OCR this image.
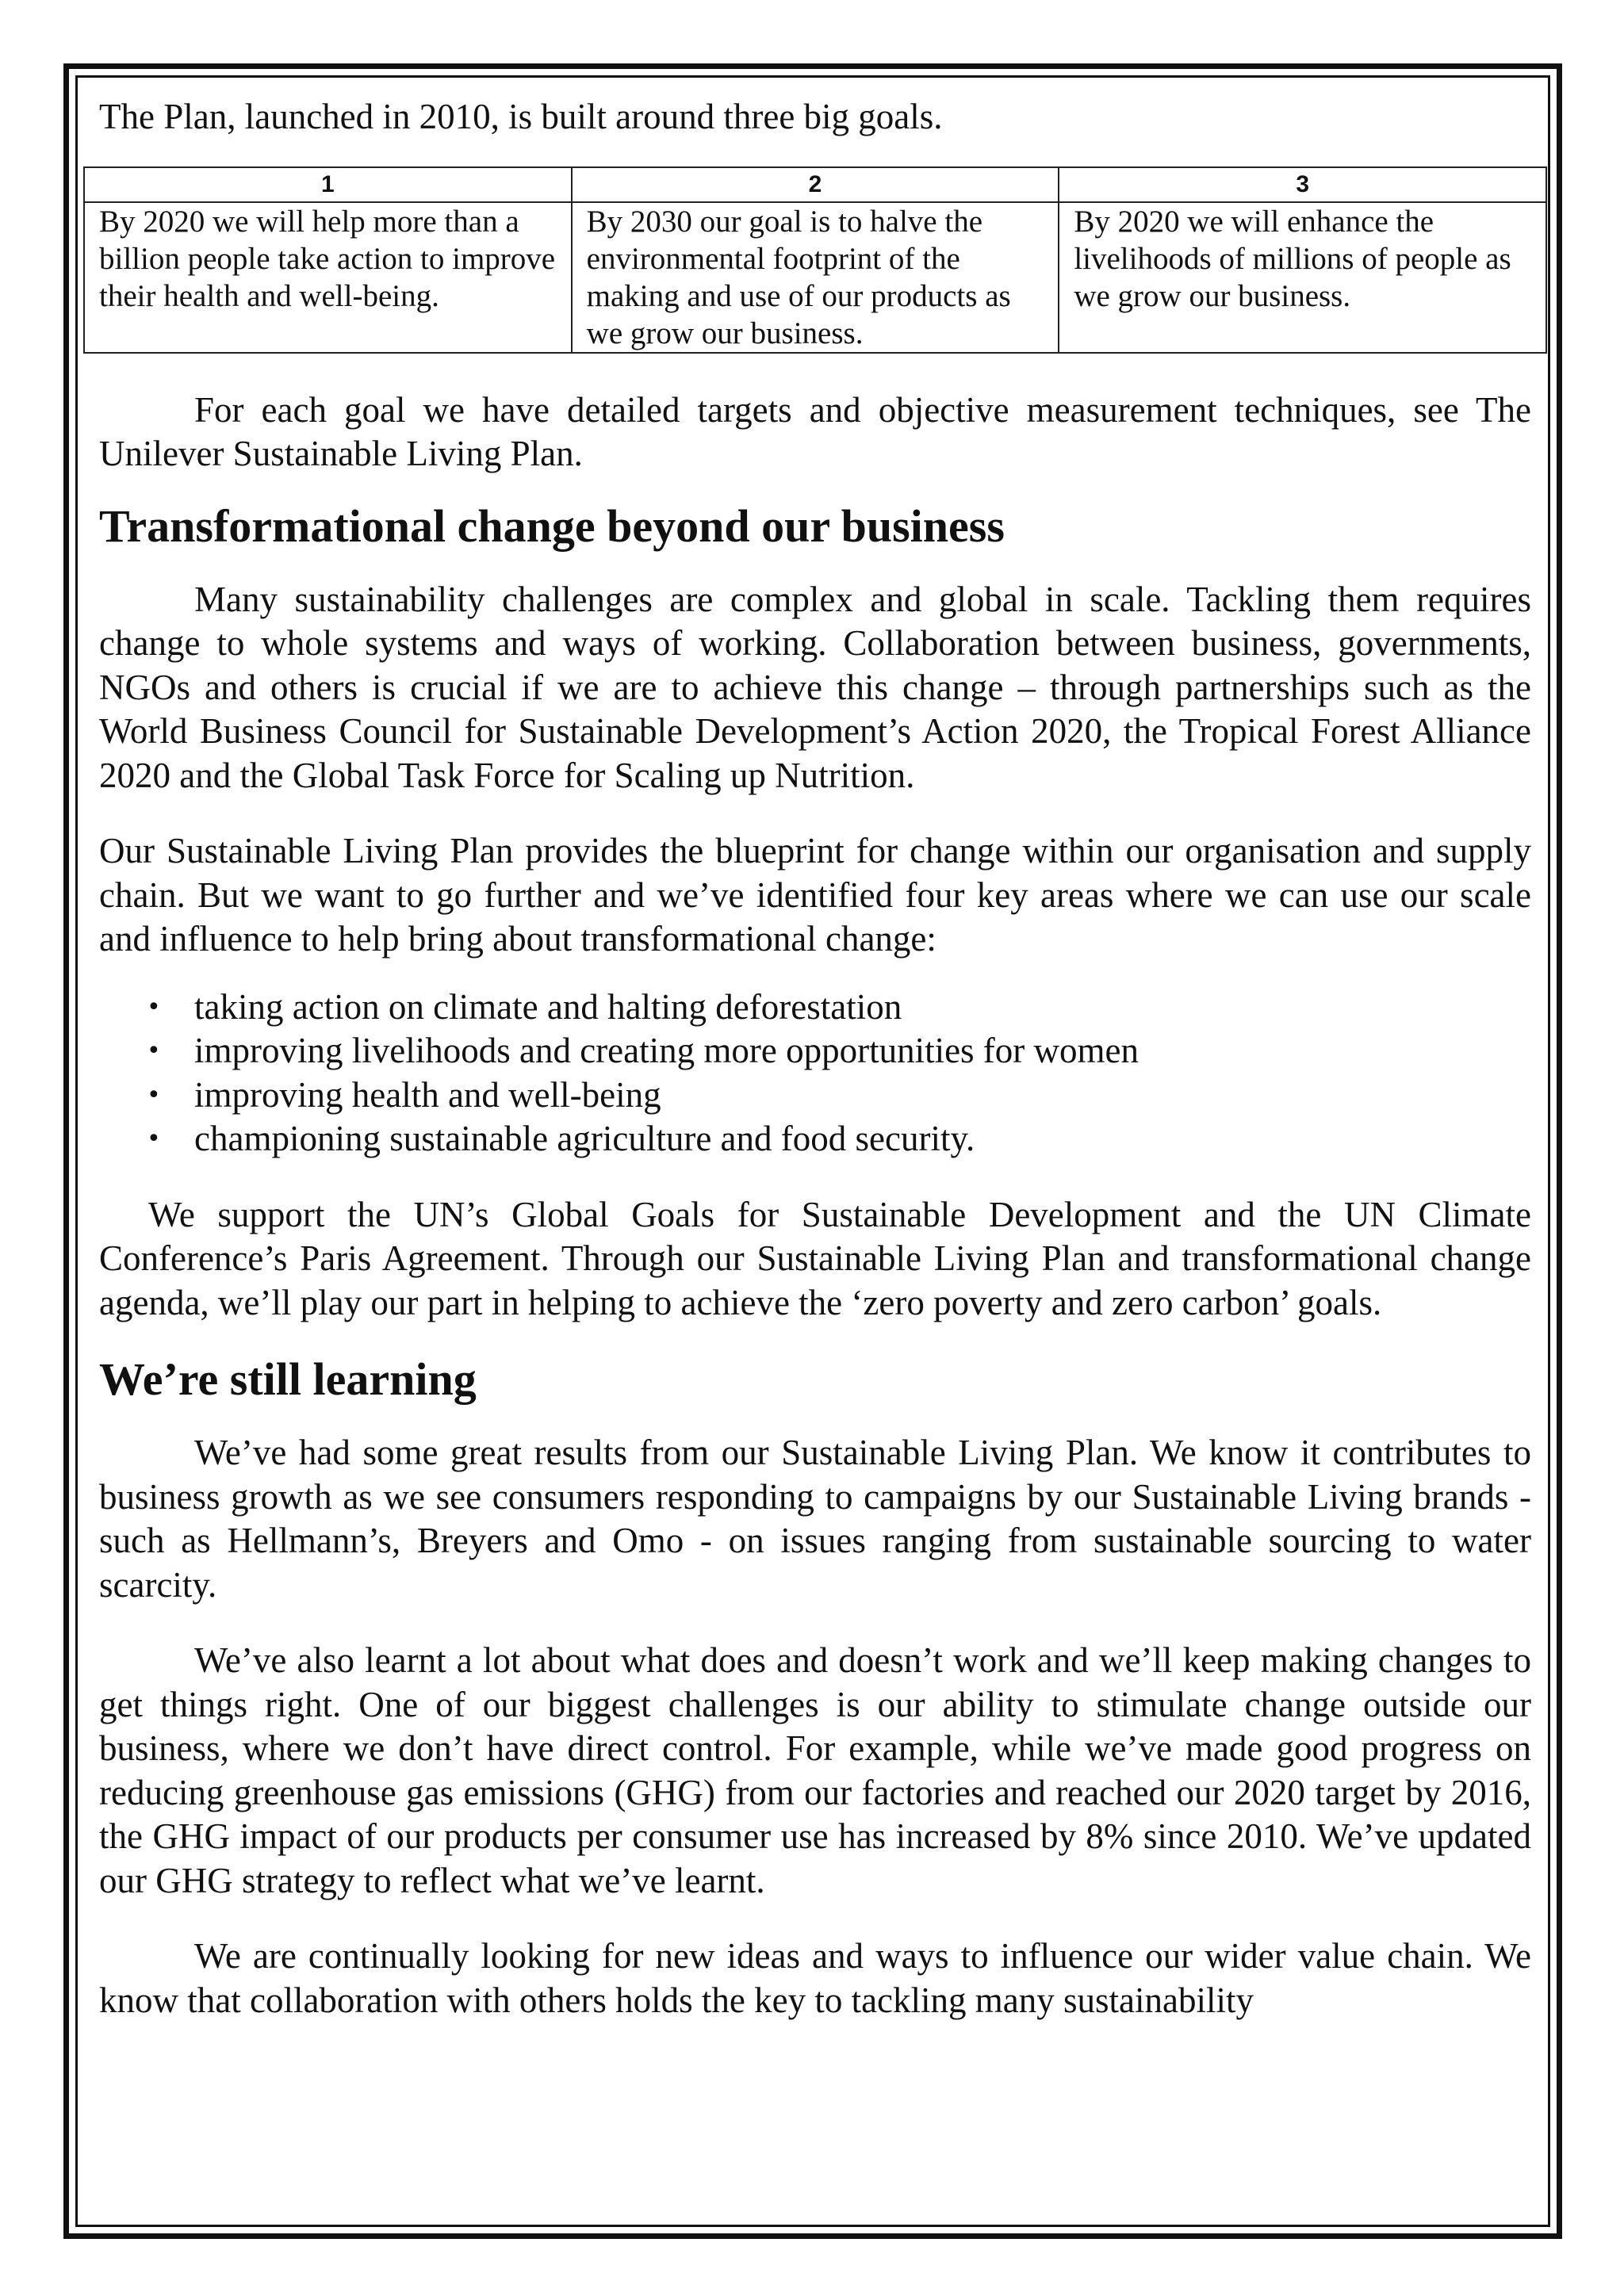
The Plan, launched in 2010, is built around three big goals.

1	2	3
By 2020 we will help more than a billion people take action to improve their health and well-being.	By 2030 our goal is to halve the environmental footprint of the making and use of our products as we grow our business.	By 2020 we will enhance the livelihoods of millions of people as we grow our business.

For each goal we have detailed targets and objective measurement techniques, see The Unilever Sustainable Living Plan.

Transformational change beyond our business

Many sustainability challenges are complex and global in scale. Tackling them requires change to whole systems and ways of working. Collaboration between business, governments, NGOs and others is crucial if we are to achieve this change – through partnerships such as the World Business Council for Sustainable Development’s Action 2020, the Tropical Forest Alliance 2020 and the Global Task Force for Scaling up Nutrition.

Our Sustainable Living Plan provides the blueprint for change within our organisation and supply chain. But we want to go further and we’ve identified four key areas where we can use our scale and influence to help bring about transformational change:

• taking action on climate and halting deforestation
• improving livelihoods and creating more opportunities for women
• improving health and well-being
• championing sustainable agriculture and food security.

We support the UN’s Global Goals for Sustainable Development and the UN Climate Conference’s Paris Agreement. Through our Sustainable Living Plan and transformational change agenda, we’ll play our part in helping to achieve the ‘zero poverty and zero carbon’ goals.

We’re still learning

We’ve had some great results from our Sustainable Living Plan. We know it contributes to business growth as we see consumers responding to campaigns by our Sustainable Living brands - such as Hellmann’s, Breyers and Omo - on issues ranging from sustainable sourcing to water scarcity.

We’ve also learnt a lot about what does and doesn’t work and we’ll keep making changes to get things right. One of our biggest challenges is our ability to stimulate change outside our business, where we don’t have direct control. For example, while we’ve made good progress on reducing greenhouse gas emissions (GHG) from our factories and reached our 2020 target by 2016, the GHG impact of our products per consumer use has increased by 8% since 2010. We’ve updated our GHG strategy to reflect what we’ve learnt.

We are continually looking for new ideas and ways to influence our wider value chain. We know that collaboration with others holds the key to tackling many sustainability
